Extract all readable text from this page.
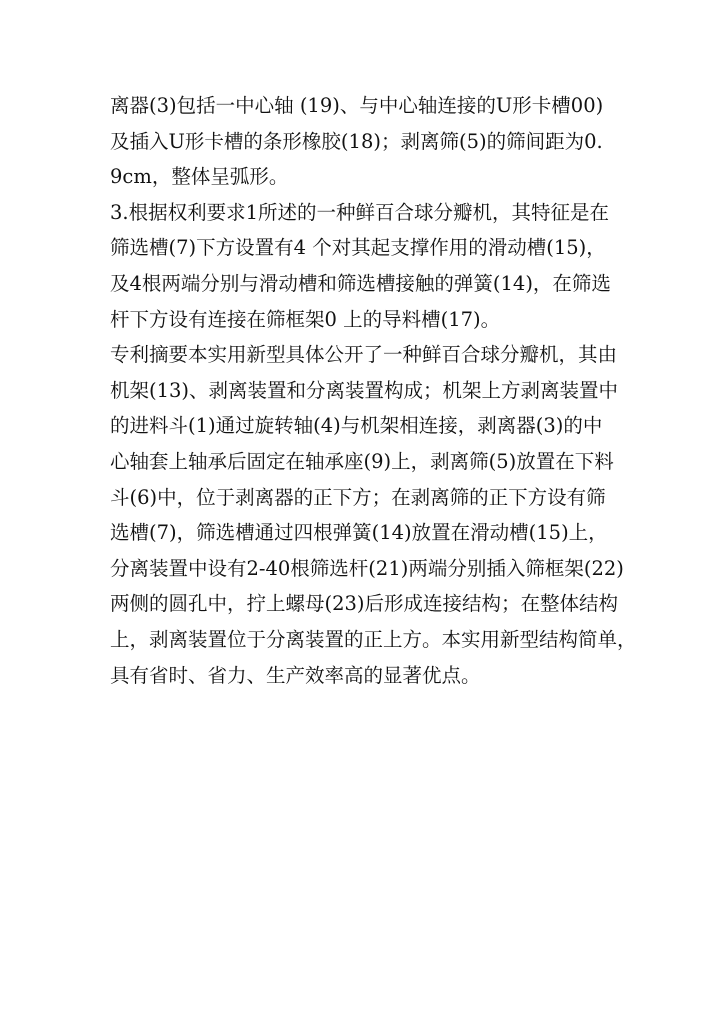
离器(3)包括一中心轴 (19)、与中心轴连接的U形卡槽00)
及插入U形卡槽的条形橡胶(18)；剥离筛(5)的筛间距为0.
9cm，整体呈弧形。
3.根据权利要求1所述的一种鲜百合球分瓣机，其特征是在
筛选槽(7)下方设置有4 个对其起支撑作用的滑动槽(15)，
及4根两端分别与滑动槽和筛选槽接触的弹簧(14)，在筛选
杆下方设有连接在筛框架0 上的导料槽(17)。
专利摘要本实用新型具体公开了一种鲜百合球分瓣机，其由
机架(13)、剥离装置和分离装置构成；机架上方剥离装置中
的进料斗(1)通过旋转轴(4)与机架相连接，剥离器(3)的中
心轴套上轴承后固定在轴承座(9)上，剥离筛(5)放置在下料
斗(6)中，位于剥离器的正下方；在剥离筛的正下方设有筛
选槽(7)，筛选槽通过四根弹簧(14)放置在滑动槽(15)上，
分离装置中设有2-40根筛选杆(21)两端分别插入筛框架(22)
两侧的圆孔中，拧上螺母(23)后形成连接结构；在整体结构
上，剥离装置位于分离装置的正上方。本实用新型结构简单，
具有省时、省力、生产效率高的显著优点。
